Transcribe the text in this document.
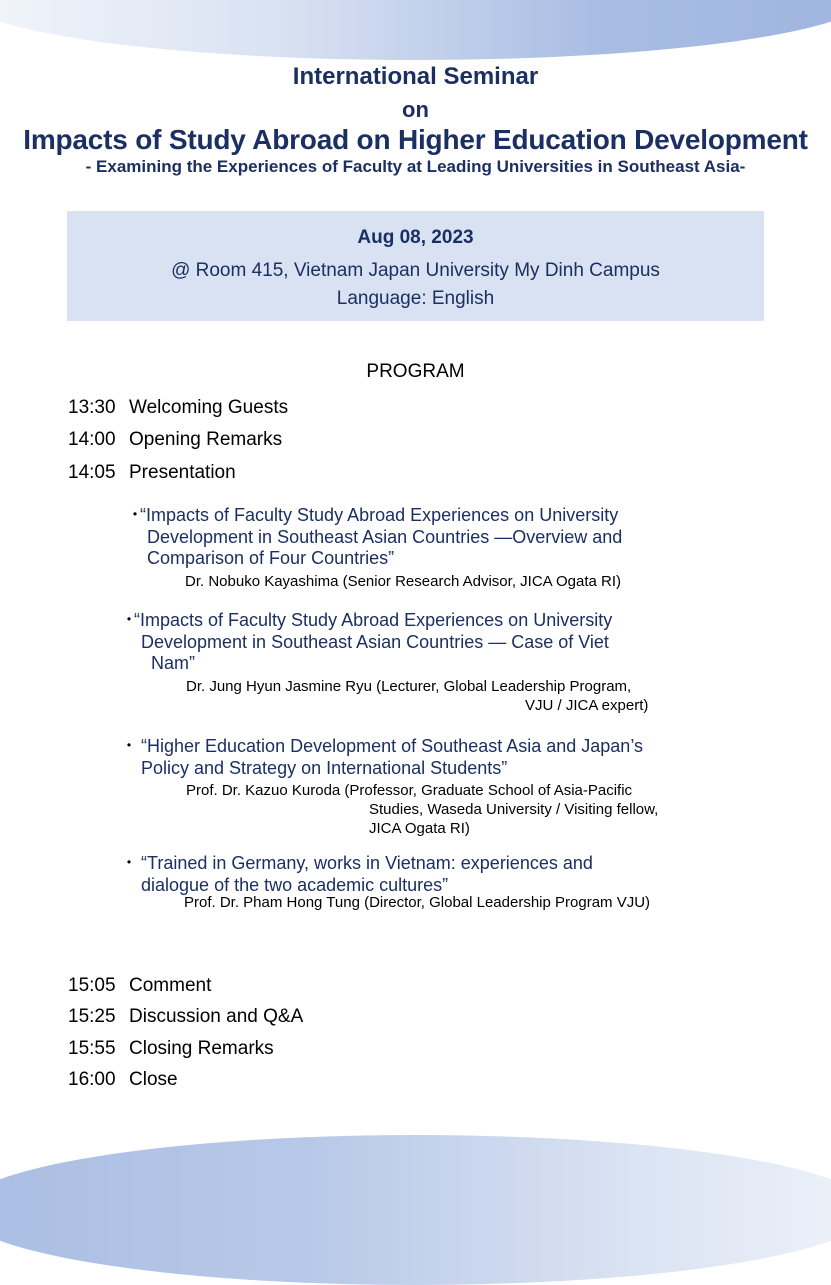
International Seminar
on
Impacts of Study Abroad on Higher Education Development
- Examining the Experiences of Faculty at Leading Universities in Southeast Asia-
Aug 08, 2023
@ Room 415, Vietnam Japan University My Dinh Campus
Language: English
PROGRAM
13:30 Welcoming Guests
14:00 Opening Remarks
14:05 Presentation
・
“Impacts of Faculty Study Abroad Experiences on University
Development in Southeast Asian Countries —Overview and
Comparison of Four Countries”
Dr. Nobuko Kayashima (Senior Research Advisor, JICA Ogata RI)
・
“Impacts of Faculty Study Abroad Experiences on University
Development in Southeast Asian Countries — Case of Viet
Nam”
Dr. Jung Hyun Jasmine Ryu (Lecturer, Global Leadership Program,
VJU / JICA expert)
・ “Higher Education Development of Southeast Asia and Japan’s
Policy and Strategy on International Students”
Prof. Dr. Kazuo Kuroda (Professor, Graduate School of Asia-Pacific
Studies, Waseda University / Visiting fellow,
JICA Ogata RI)
・ “Trained in Germany, works in Vietnam: experiences and
dialogue of the two academic cultures”
Prof. Dr. Pham Hong Tung (Director, Global Leadership Program VJU)
15:05 Comment
15:25 Discussion and Q&A
15:55 Closing Remarks
16:00 Close
